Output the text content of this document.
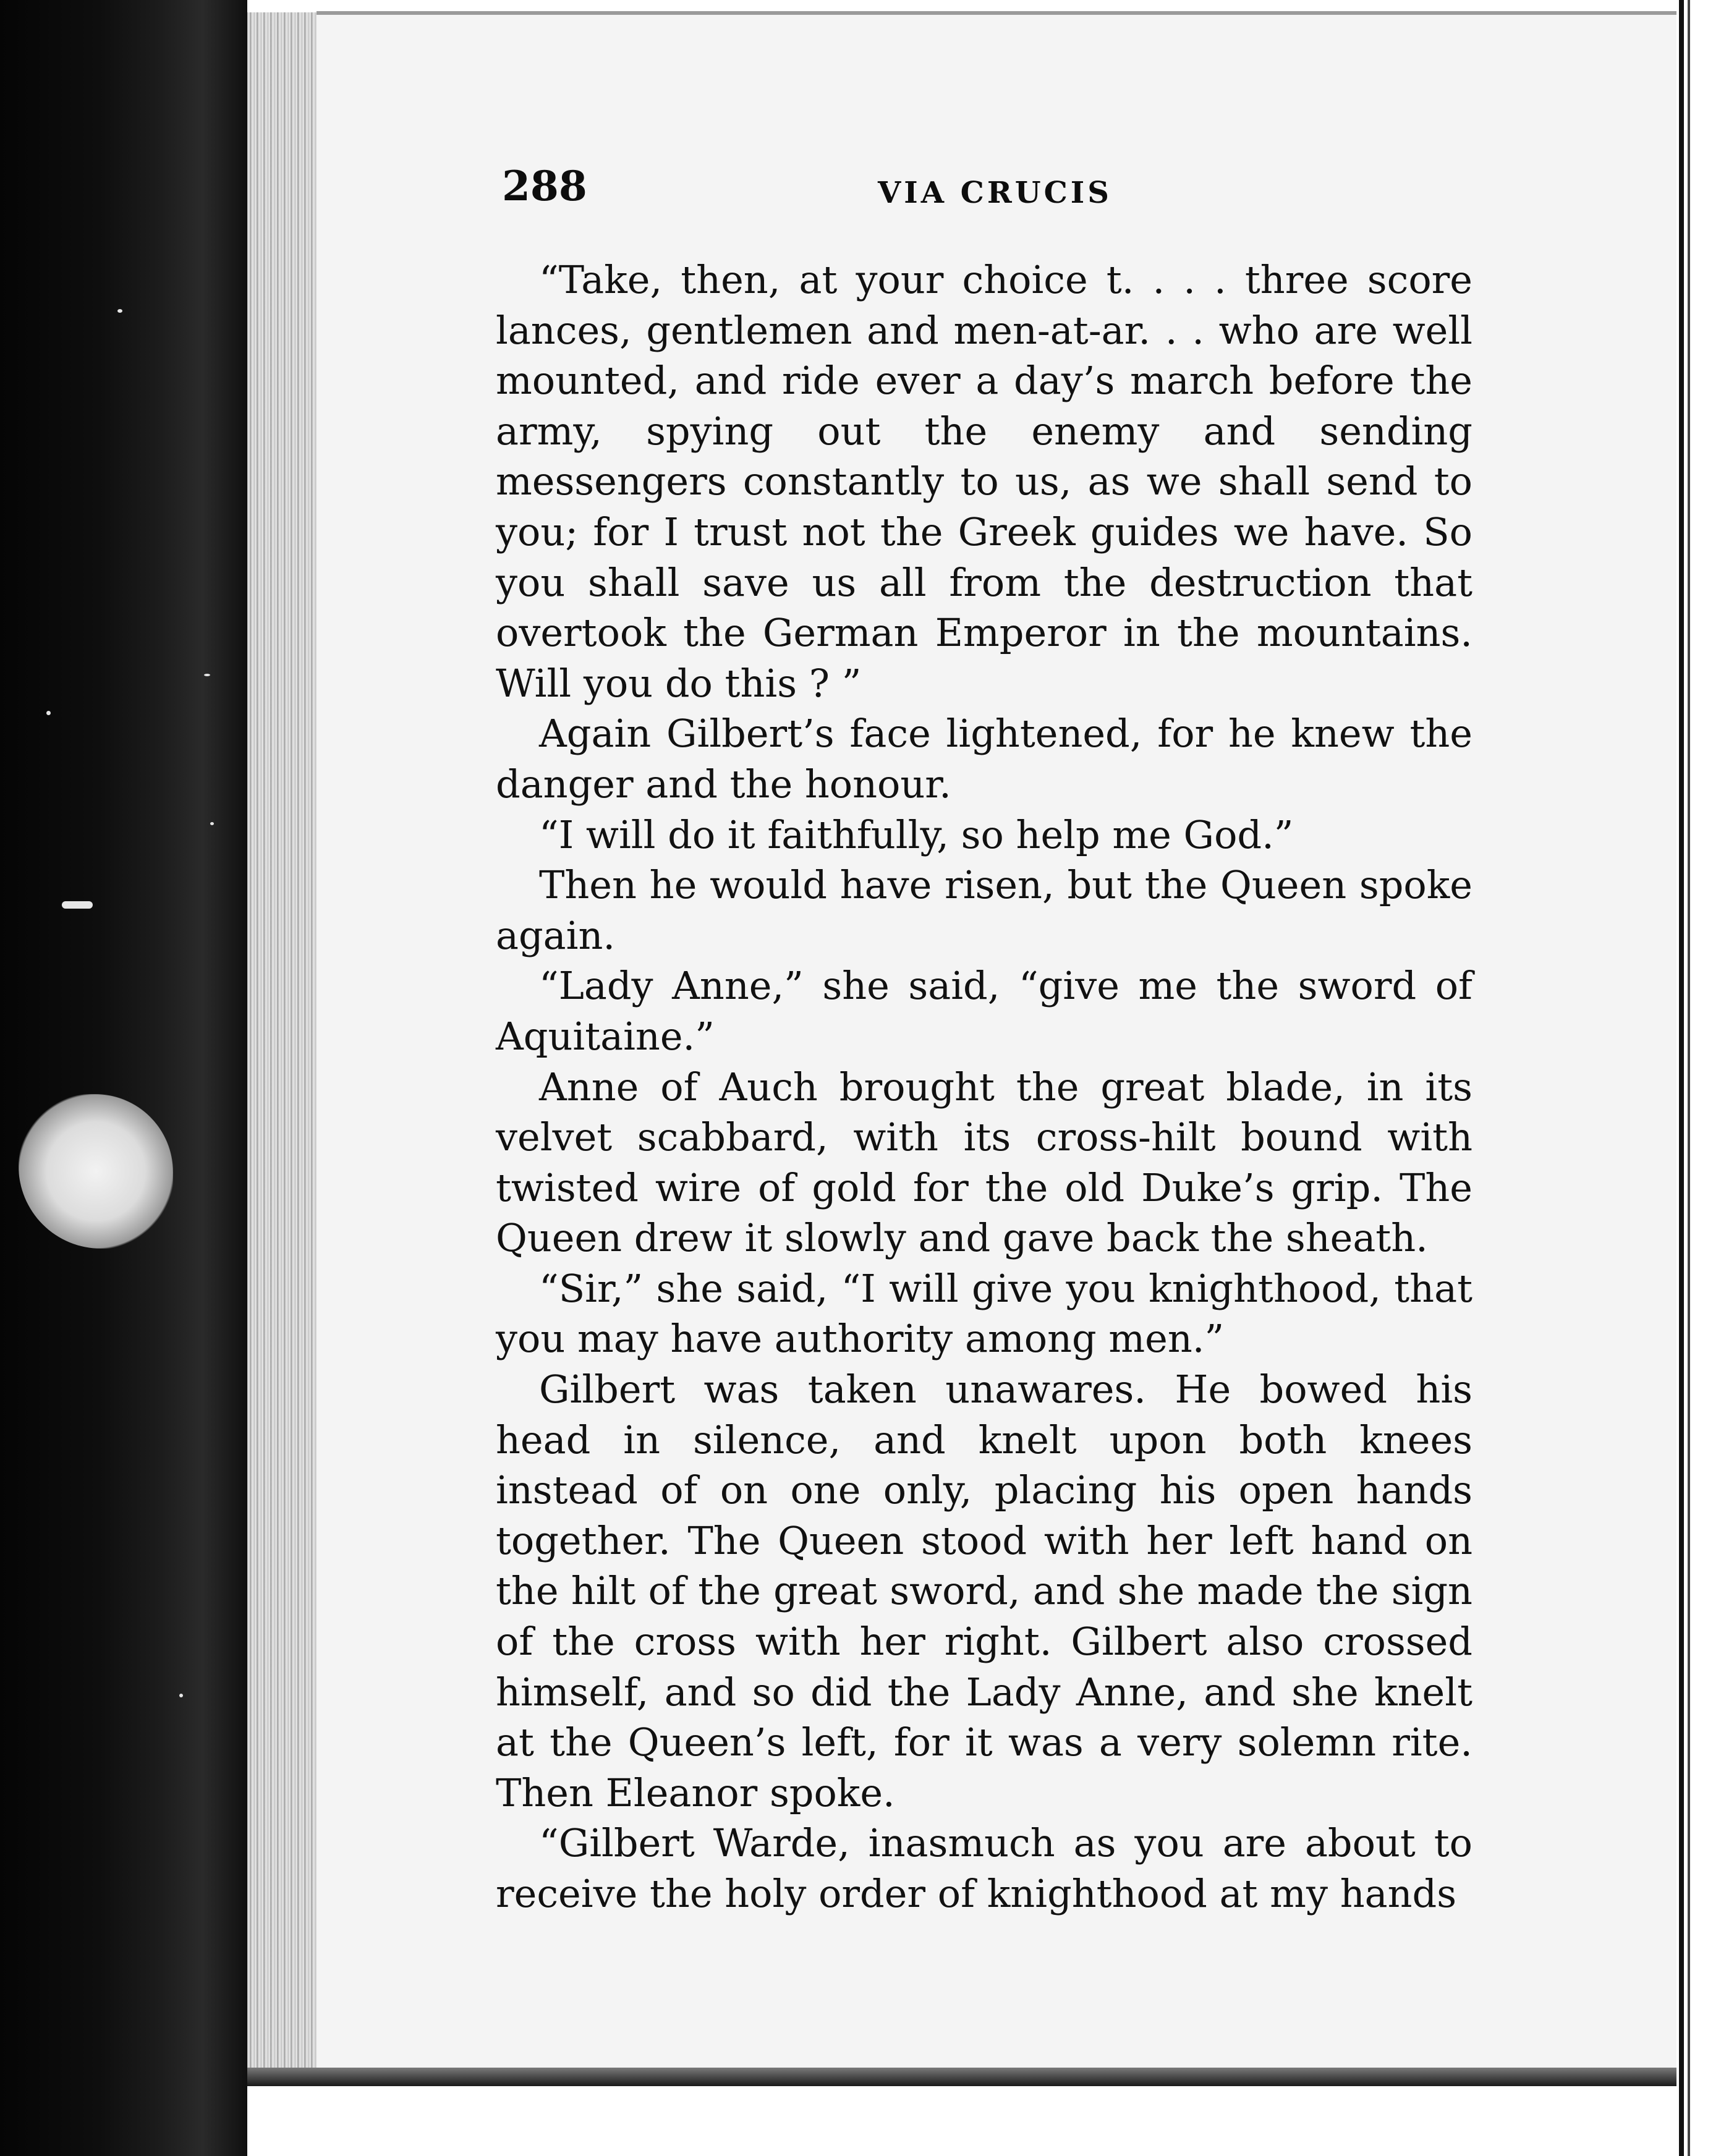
288	VIA CRUCIS

“Take, then, at your choice t. . . . three score lances, gentlemen and men-at-ar. . . who are well mounted, and ride ever a day’s march before the army, spying out the enemy and sending messengers constantly to us, as we shall send to you; for I trust not the Greek guides we have. So you shall save us all from the destruction that overtook the German Emperor in the mountains. Will you do this ? ”

Again Gilbert’s face lightened, for he knew the danger and the honour.

“I will do it faithfully, so help me God.”

Then he would have risen, but the Queen spoke again.

“Lady Anne,” she said, “give me the sword of Aquitaine.”

Anne of Auch brought the great blade, in its velvet scabbard, with its cross-hilt bound with twisted wire of gold for the old Duke’s grip. The Queen drew it slowly and gave back the sheath.

“Sir,” she said, “I will give you knighthood, that you may have authority among men.”

Gilbert was taken unawares. He bowed his head in silence, and knelt upon both knees instead of on one only, placing his open hands together. The Queen stood with her left hand on the hilt of the great sword, and she made the sign of the cross with her right. Gilbert also crossed himself, and so did the Lady Anne, and she knelt at the Queen’s left, for it was a very solemn rite. Then Eleanor spoke.

“Gilbert Warde, inasmuch as you are about to receive the holy order of knighthood at my hands
